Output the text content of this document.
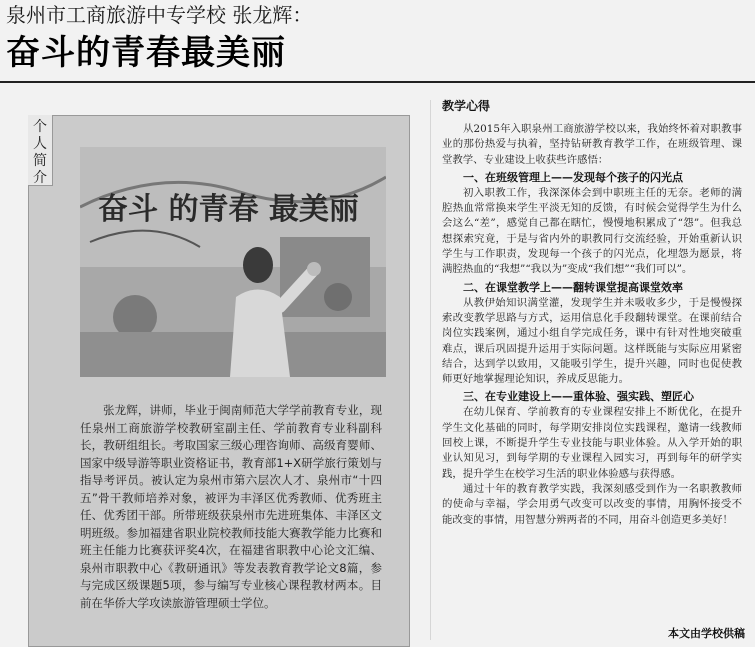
泉州市工商旅游中专学校 张龙辉：
奋斗的青春最美丽
个人简介
奋斗 的青春 最美丽

张龙辉，讲师，毕业于闽南师范大学学前教育专业，现任泉州工商旅游学校教研室副主任、学前教育专业科副科长，教研组组长。考取国家三级心理咨询师、高级育婴师、国家中级导游等职业资格证书，教育部1+X研学旅行策划与指导考评员。被认定为泉州市第六层次人才、泉州市“十四五”骨干教师培养对象，被评为丰泽区优秀教师、优秀班主任、优秀团干部。所带班级获泉州市先进班集体、丰泽区文明班级。参加福建省职业院校教师技能大赛教学能力比赛和班主任能力比赛获评奖4次，在福建省职教中心论文汇编、泉州市职教中心《教研通讯》等发表教育教学论文8篇，参与完成区级课题5项，参与编写专业核心课程教材两本。目前在华侨大学攻读旅游管理硕士学位。

教学心得

从2015年入职泉州工商旅游学校以来，我始终怀着对职教事业的那份热爱与执着，坚持钻研教育教学工作，在班级管理、课堂教学、专业建设上收获些许感悟：

一、在班级管理上——发现每个孩子的闪光点

初入职教工作，我深深体会到中职班主任的无奈。老师的满腔热血常常换来学生平淡无知的反馈，有时候会觉得学生为什么会这么“差”，感觉自己都在瞎忙，慢慢地积累成了“怨”。但我总想探索究竟，于是与省内外的职教同行交流经验，开始重新认识学生与工作职责，发现每一个孩子的闪光点，化埋怨为愿景，将满腔热血的“我想”“我以为”变成“我们想”“我们可以”。

二、在课堂教学上——翻转课堂提高课堂效率

从教伊始知识满堂灌，发现学生并未吸收多少，于是慢慢探索改变教学思路与方式，运用信息化手段翻转课堂。在课前结合岗位实践案例，通过小组自学完成任务，课中有针对性地突破重难点，课后巩固提升运用于实际问题。这样既能与实际应用紧密结合，达到学以致用，又能吸引学生，提升兴趣，同时也促使教师更好地掌握理论知识，养成反思能力。

三、在专业建设上——重体验、强实践、塑匠心

在幼儿保育、学前教育的专业课程安排上不断优化，在提升学生文化基础的同时，每学期安排岗位实践课程，邀请一线教师回校上课，不断提升学生专业技能与职业体验。从入学开始的职业认知见习，到每学期的专业课程入园实习，再到每年的研学实践，提升学生在校学习生活的职业体验感与获得感。

通过十年的教育教学实践，我深刻感受到作为一名职教教师的使命与幸福，学会用勇气改变可以改变的事情，用胸怀接受不能改变的事情，用智慧分辨两者的不同，用奋斗创造更多美好！

本文由学校供稿
